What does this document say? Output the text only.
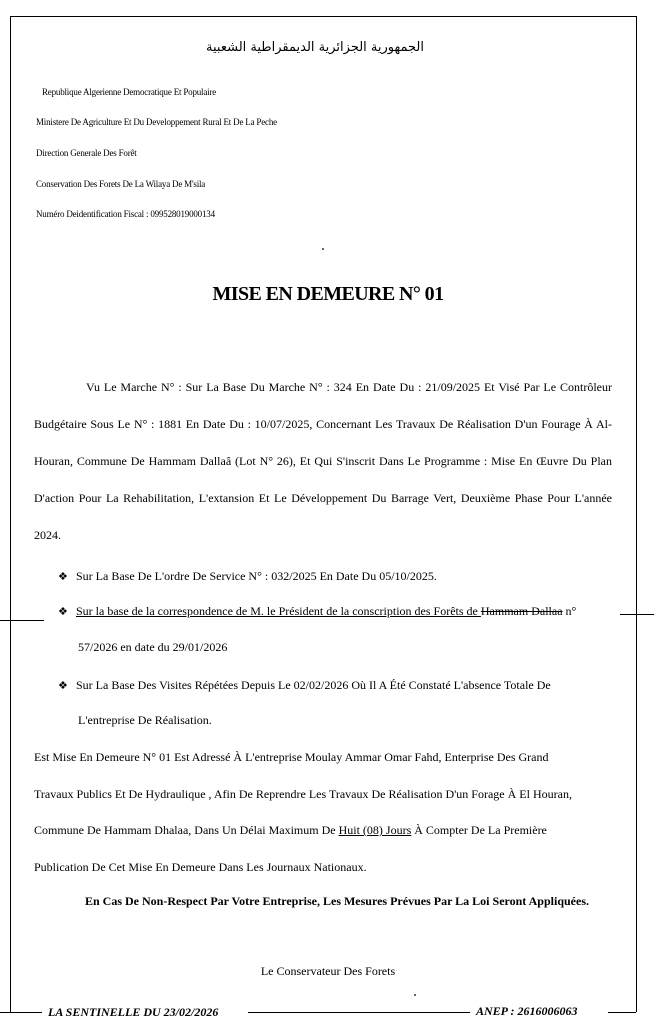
الجمهورية الجزائرية الديمقراطية الشعبية
Republique Algerienne Democratique Et Populaire
Ministere De Agriculture Et Du Developpement Rural Et De La Peche
Direction Generale Des Forêt
Conservation Des Forets De La Wilaya De M'sila
Numéro Deidentification Fiscal : 099528019000134
MISE EN DEMEURE N° 01
Vu Le Marche N° : Sur La Base Du Marche N° : 324 En Date Du : 21/09/2025 Et Visé Par Le Contrôleur Budgétaire Sous Le N° : 1881 En Date Du : 10/07/2025, Concernant Les Travaux De Réalisation D'un Fourage À Al-Houran, Commune De Hammam Dallaâ (Lot N° 26), Et Qui S'inscrit Dans Le Programme : Mise En Œuvre Du Plan D'action Pour La Rehabilitation, L'extansion Et Le Développement Du Barrage Vert, Deuxième Phase Pour L'année 2024.
❖ Sur La Base De L'ordre De Service N° : 032/2025 En Date Du 05/10/2025.
❖ Sur la base de la correspondence de M. le Président de la conscription des Forêts de Hammam Dallaa n°
57/2026 en date du 29/01/2026
❖ Sur La Base Des Visites Répétées Depuis Le 02/02/2026 Où Il A Été Constaté L'absence Totale De
L'entreprise De Réalisation.
Est Mise En Demeure N° 01 Est Adressé À L'entreprise Moulay Ammar Omar Fahd, Enterprise Des Grand
Travaux Publics Et De Hydraulique , Afin De Reprendre Les Travaux De Réalisation D'un Forage À El Houran,
Commune De Hammam Dhalaa, Dans Un Délai Maximum De Huit (08) Jours À Compter De La Première
Publication De Cet Mise En Demeure Dans Les Journaux Nationaux.
En Cas De Non-Respect Par Votre Entreprise, Les Mesures Prévues Par La Loi Seront Appliquées.
Le Conservateur Des Forets
LA SENTINELLE DU 23/02/2026	ANEP : 2616006063
